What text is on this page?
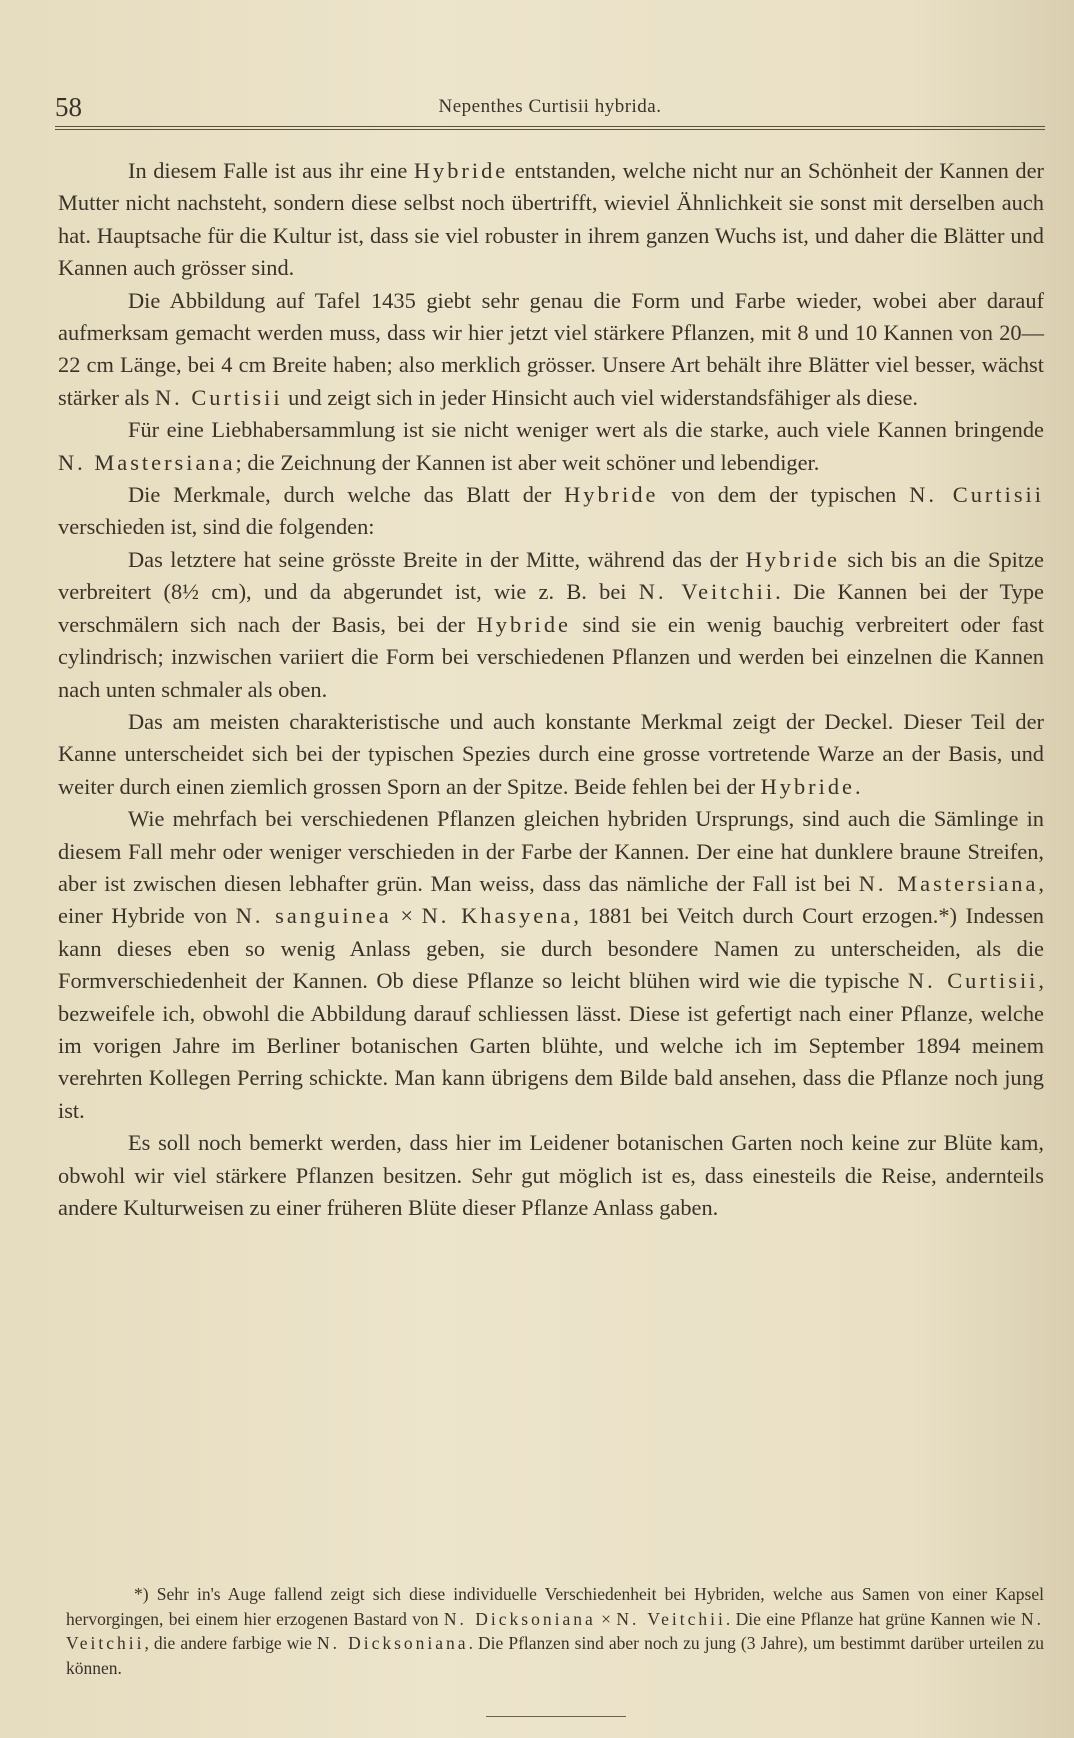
58	Nepenthes Curtisii hybrida.

In diesem Falle ist aus ihr eine Hybride entstanden, welche nicht nur an Schönheit der Kannen der Mutter nicht nachsteht, sondern diese selbst noch übertrifft, wieviel Ähnlichkeit sie sonst mit derselben auch hat. Hauptsache für die Kultur ist, dass sie viel robuster in ihrem ganzen Wuchs ist, und daher die Blätter und Kannen auch grösser sind.

Die Abbildung auf Tafel 1435 giebt sehr genau die Form und Farbe wieder, wobei aber darauf aufmerksam gemacht werden muss, dass wir hier jetzt viel stärkere Pflanzen, mit 8 und 10 Kannen von 20—22 cm Länge, bei 4 cm Breite haben; also merklich grösser. Unsere Art behält ihre Blätter viel besser, wächst stärker als N. Curtisii und zeigt sich in jeder Hinsicht auch viel widerstandsfähiger als diese.

Für eine Liebhabersammlung ist sie nicht weniger wert als die starke, auch viele Kannen bringende N. Mastersiana; die Zeichnung der Kannen ist aber weit schöner und lebendiger.

Die Merkmale, durch welche das Blatt der Hybride von dem der typischen N. Curtisii verschieden ist, sind die folgenden:

Das letztere hat seine grösste Breite in der Mitte, während das der Hybride sich bis an die Spitze verbreitert (8½ cm), und da abgerundet ist, wie z. B. bei N. Veitchii. Die Kannen bei der Type verschmälern sich nach der Basis, bei der Hybride sind sie ein wenig bauchig verbreitert oder fast cylindrisch; inzwischen variiert die Form bei verschiedenen Pflanzen und werden bei einzelnen die Kannen nach unten schmaler als oben.

Das am meisten charakteristische und auch konstante Merkmal zeigt der Deckel. Dieser Teil der Kanne unterscheidet sich bei der typischen Spezies durch eine grosse vortretende Warze an der Basis, und weiter durch einen ziemlich grossen Sporn an der Spitze. Beide fehlen bei der Hybride.

Wie mehrfach bei verschiedenen Pflanzen gleichen hybriden Ursprungs, sind auch die Sämlinge in diesem Fall mehr oder weniger verschieden in der Farbe der Kannen. Der eine hat dunklere braune Streifen, aber ist zwischen diesen lebhafter grün. Man weiss, dass das nämliche der Fall ist bei N. Mastersiana, einer Hybride von N. sanguinea × N. Khasyena, 1881 bei Veitch durch Court erzogen.*) Indessen kann dieses eben so wenig Anlass geben, sie durch besondere Namen zu unterscheiden, als die Formverschiedenheit der Kannen. Ob diese Pflanze so leicht blühen wird wie die typische N. Curtisii, bezweifele ich, obwohl die Abbildung darauf schliessen lässt. Diese ist gefertigt nach einer Pflanze, welche im vorigen Jahre im Berliner botanischen Garten blühte, und welche ich im September 1894 meinem verehrten Kollegen Perring schickte. Man kann übrigens dem Bilde bald ansehen, dass die Pflanze noch jung ist.

Es soll noch bemerkt werden, dass hier im Leidener botanischen Garten noch keine zur Blüte kam, obwohl wir viel stärkere Pflanzen besitzen. Sehr gut möglich ist es, dass einesteils die Reise, andernteils andere Kulturweisen zu einer früheren Blüte dieser Pflanze Anlass gaben.

*) Sehr in's Auge fallend zeigt sich diese individuelle Verschiedenheit bei Hybriden, welche aus Samen von einer Kapsel hervorgingen, bei einem hier erzogenen Bastard von N. Dicksoniana × N. Veitchii. Die eine Pflanze hat grüne Kannen wie N. Veitchii, die andere farbige wie N. Dicksoniana. Die Pflanzen sind aber noch zu jung (3 Jahre), um bestimmt darüber urteilen zu können.
